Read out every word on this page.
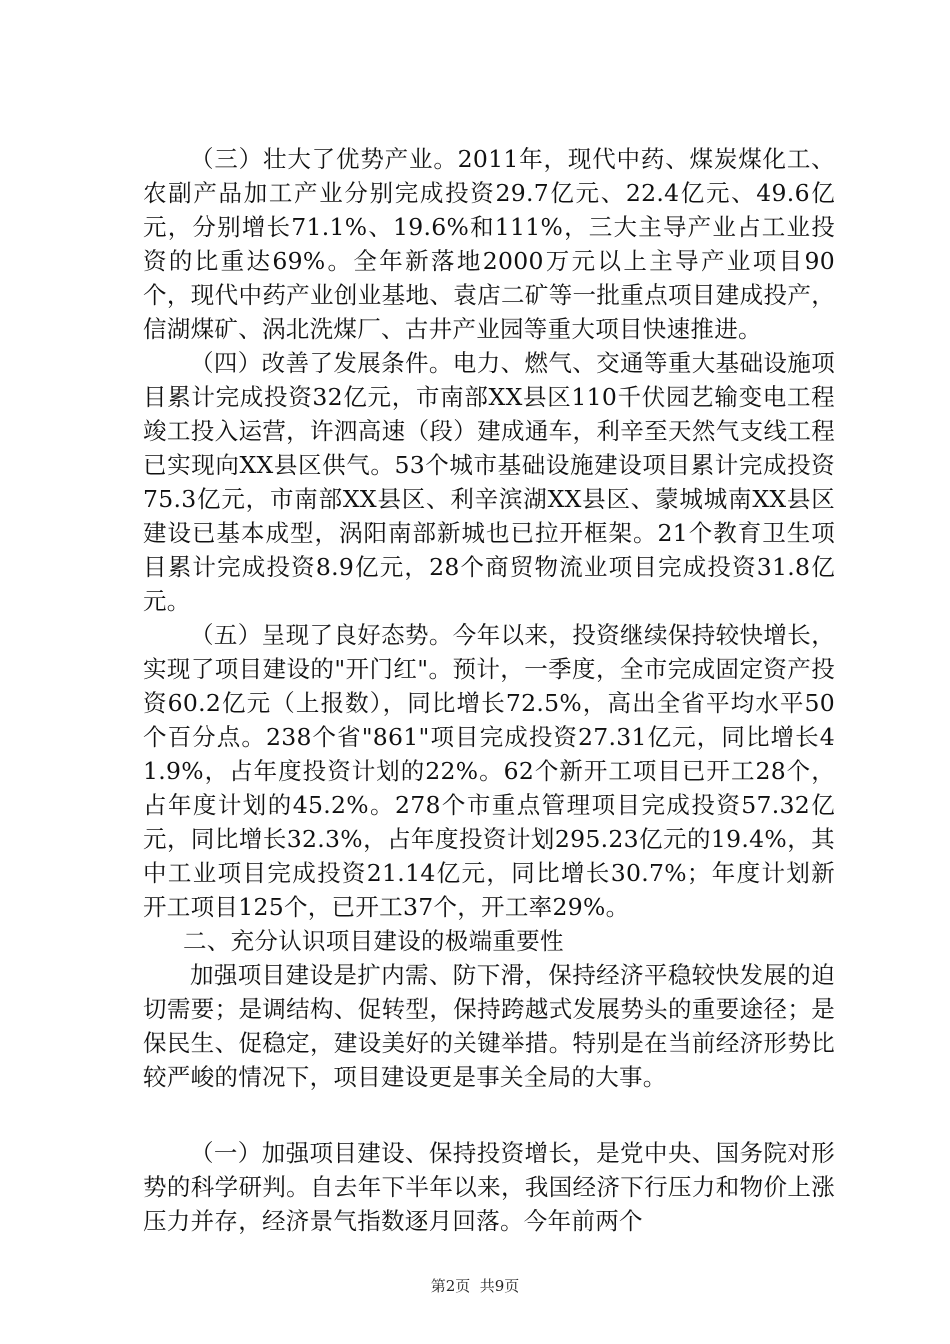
（三）壮大了优势产业。2011年，现代中药、煤炭煤化工、农副产品加工产业分别完成投资29.7亿元、22.4亿元、49.6亿元，分别增长71.1%、19.6%和111%，三大主导产业占工业投资的比重达69%。全年新落地2000万元以上主导产业项目90个，现代中药产业创业基地、袁店二矿等一批重点项目建成投产，信湖煤矿、涡北洗煤厂、古井产业园等重大项目快速推进。

（四）改善了发展条件。电力、燃气、交通等重大基础设施项目累计完成投资32亿元，市南部XX县区110千伏园艺输变电工程竣工投入运营，许泗高速（段）建成通车，利辛至天然气支线工程已实现向XX县区供气。53个城市基础设施建设项目累计完成投资75.3亿元，市南部XX县区、利辛滨湖XX县区、蒙城城南XX县区建设已基本成型，涡阳南部新城也已拉开框架。21个教育卫生项目累计完成投资8.9亿元，28个商贸物流业项目完成投资31.8亿元。

（五）呈现了良好态势。今年以来，投资继续保持较快增长，实现了项目建设的"开门红"。预计，一季度，全市完成固定资产投资60.2亿元（上报数），同比增长72.5%，高出全省平均水平50个百分点。238个省"861"项目完成投资27.31亿元，同比增长41.9%，占年度投资计划的22%。62个新开工项目已开工28个，占年度计划的45.2%。278个市重点管理项目完成投资57.32亿元，同比增长32.3%，占年度投资计划295.23亿元的19.4%，其中工业项目完成投资21.14亿元，同比增长30.7%；年度计划新开工项目125个，已开工37个，开工率29%。

二、充分认识项目建设的极端重要性

加强项目建设是扩内需、防下滑，保持经济平稳较快发展的迫切需要；是调结构、促转型，保持跨越式发展势头的重要途径；是保民生、促稳定，建设美好的关键举措。特别是在当前经济形势比较严峻的情况下，项目建设更是事关全局的大事。

（一）加强项目建设、保持投资增长，是党中央、国务院对形势的科学研判。自去年下半年以来，我国经济下行压力和物价上涨压力并存，经济景气指数逐月回落。今年前两个

第2页  共9页
